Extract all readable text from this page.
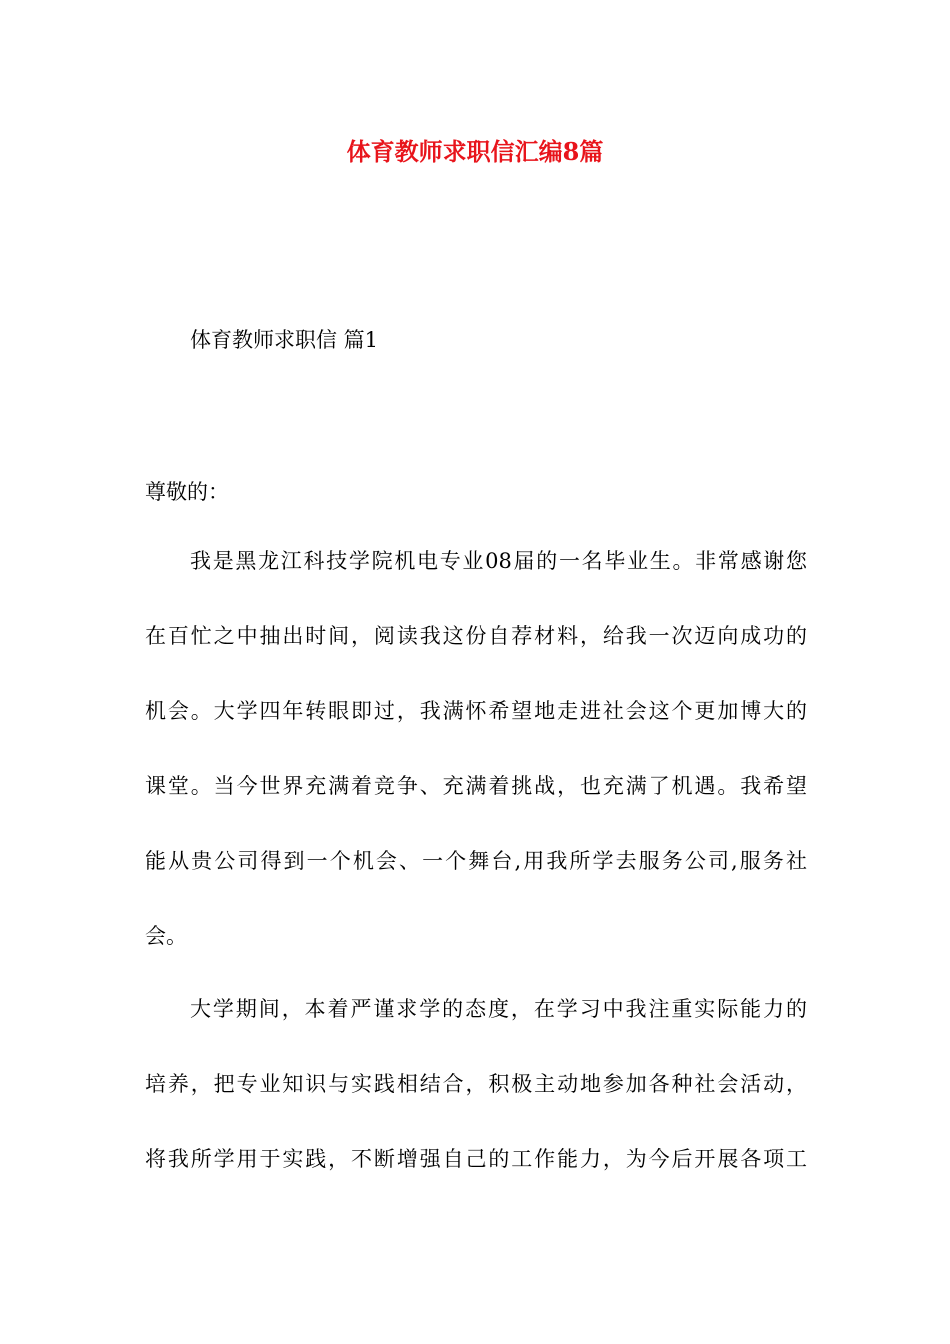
体育教师求职信汇编8篇

体育教师求职信 篇1

尊敬的：

我是黑龙江科技学院机电专业08届的一名毕业生。非常感谢您
在百忙之中抽出时间，阅读我这份自荐材料，给我一次迈向成功的
机会。大学四年转眼即过，我满怀希望地走进社会这个更加博大的
课堂。当今世界充满着竞争、充满着挑战，也充满了机遇。我希望
能从贵公司得到一个机会、一个舞台,用我所学去服务公司,服务社
会。
大学期间，本着严谨求学的态度，在学习中我注重实际能力的
培养，把专业知识与实践相结合，积极主动地参加各种社会活动，
将我所学用于实践，不断增强自己的工作能力，为今后开展各项工
